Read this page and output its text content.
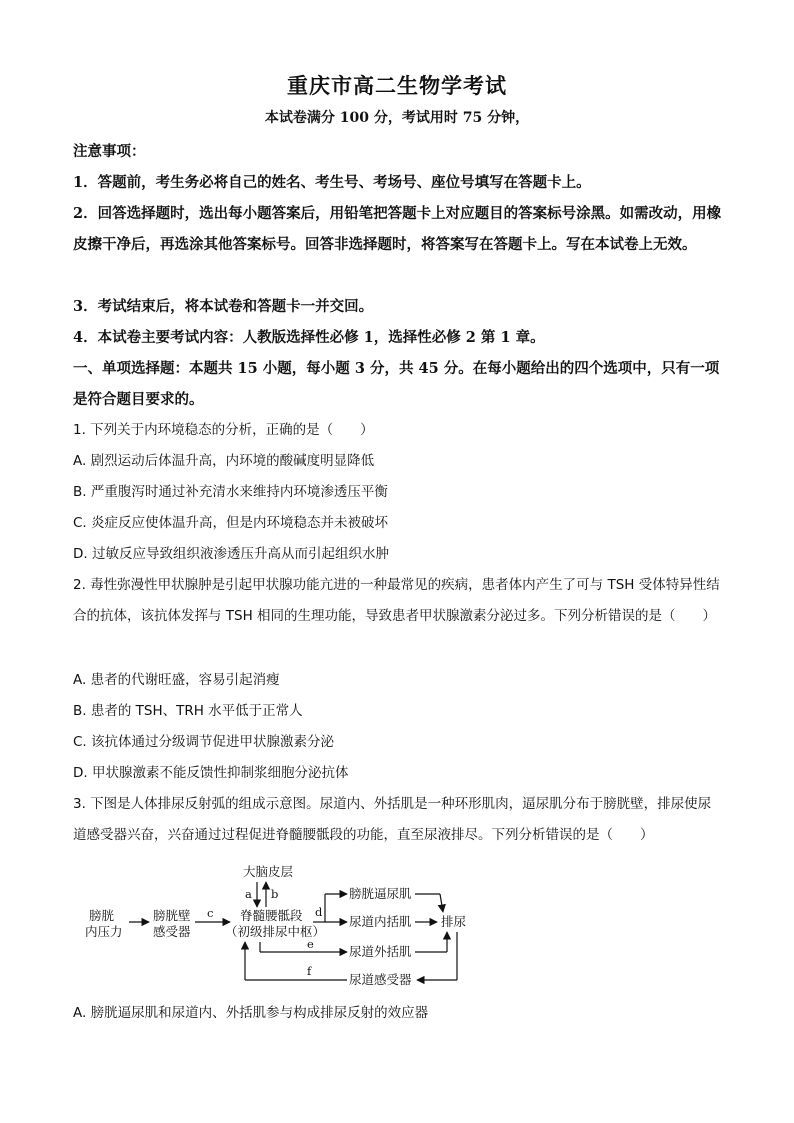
重庆市高二生物学考试
本试卷满分 100 分，考试用时 75 分钟，
注意事项：
1．答题前，考生务必将自己的姓名、考生号、考场号、座位号填写在答题卡上。
2．回答选择题时，选出每小题答案后，用铅笔把答题卡上对应题目的答案标号涂黑。如需改动，用橡皮擦干净后，再选涂其他答案标号。回答非选择题时，将答案写在答题卡上。写在本试卷上无效。
3．考试结束后，将本试卷和答题卡一并交回。
4．本试卷主要考试内容：人教版选择性必修 1，选择性必修 2 第 1 章。
一、单项选择题：本题共 15 小题，每小题 3 分，共 45 分。在每小题给出的四个选项中，只有一项是符合题目要求的。
1. 下列关于内环境稳态的分析，正确的是（　　）
A. 剧烈运动后体温升高，内环境的酸碱度明显降低
B. 严重腹泻时通过补充清水来维持内环境渗透压平衡
C. 炎症反应使体温升高，但是内环境稳态并未被破坏
D. 过敏反应导致组织液渗透压升高从而引起组织水肿
2. 毒性弥漫性甲状腺肿是引起甲状腺功能亢进的一种最常见的疾病，患者体内产生了可与 TSH 受体特异性结合的抗体，该抗体发挥与 TSH 相同的生理功能，导致患者甲状腺激素分泌过多。下列分析错误的是（　　）
A. 患者的代谢旺盛，容易引起消瘦
B. 患者的 TSH、TRH 水平低于正常人
C. 该抗体通过分级调节促进甲状腺激素分泌
D. 甲状腺激素不能反馈性抑制浆细胞分泌抗体
3. 下图是人体排尿反射弧的组成示意图。尿道内、外括肌是一种环形肌肉，逼尿肌分布于膀胱壁，排尿使尿道感受器兴奋，兴奋通过过程促进脊髓腰骶段的功能，直至尿液排尽。下列分析错误的是（　　）
大脑皮层
a b
膀胱
内压力
膀胱壁
感受器
c 脊髓腰骶段
（初级排尿中枢）
d
膀胱逼尿肌
尿道内括肌 排尿
e	尿道外括肌
尿道感受器
f
A. 膀胱逼尿肌和尿道内、外括肌参与构成排尿反射的效应器
